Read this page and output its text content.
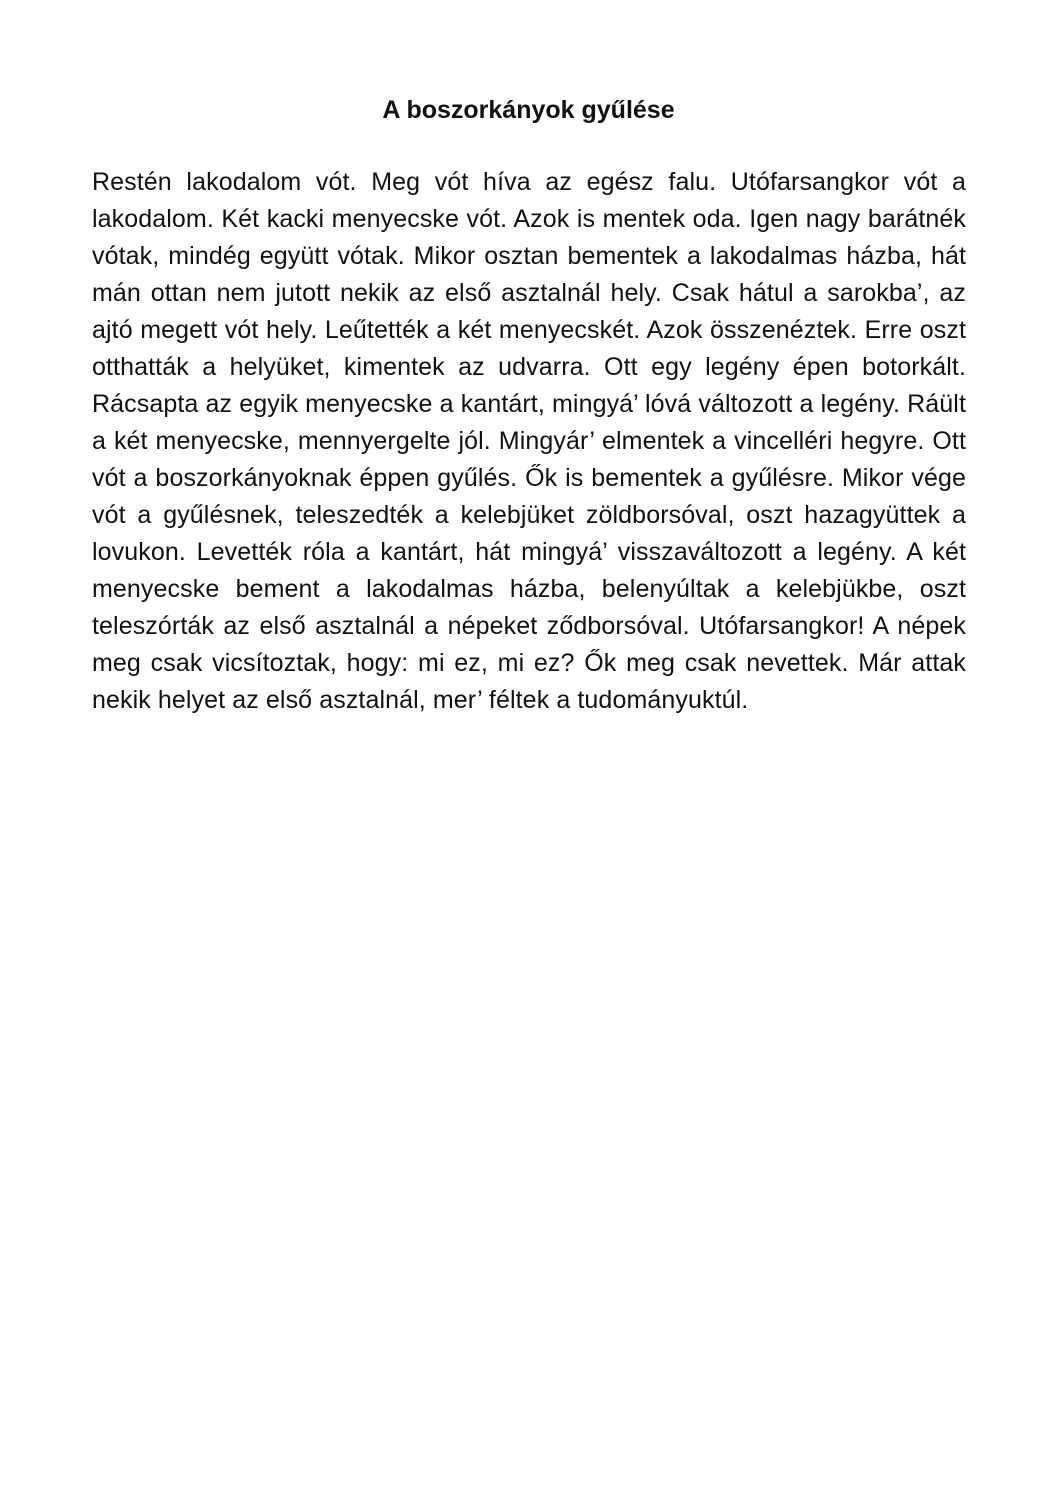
A boszorkányok gyűlése

Restén lakodalom vót. Meg vót híva az egész falu. Utófarsangkor vót a lakodalom. Két kacki menyecske vót. Azok is mentek oda. Igen nagy barátnék vótak, mindég együtt vótak. Mikor osztan bementek a lakodalmas házba, hát mán ottan nem jutott nekik az első asztalnál hely. Csak hátul a sarokba’, az ajtó megett vót hely. Leűtették a két menyecskét. Azok összenéztek. Erre oszt otthatták a helyüket, kimentek az udvarra. Ott egy legény épen botorkált. Rácsapta az egyik menyecske a kantárt, mingyá’ lóvá változott a legény. Ráült a két menyecske, mennyergelte jól. Mingyár’ elmentek a vincelléri hegyre. Ott vót a boszorkányoknak éppen gyűlés. Ők is bementek a gyűlésre. Mikor vége vót a gyűlésnek, teleszedték a kelebjüket zöldborsóval, oszt hazagyüttek a lovukon. Levették róla a kantárt, hát mingyá’ visszaváltozott a legény. A két menyecske bement a lakodalmas házba, belenyúltak a kelebjükbe, oszt teleszórták az első asztalnál a népeket ződborsóval. Utófarsangkor! A népek meg csak vicsítoztak, hogy: mi ez, mi ez? Ők meg csak nevettek. Már attak nekik helyet az első asztalnál, mer’ féltek a tudományuktúl.
